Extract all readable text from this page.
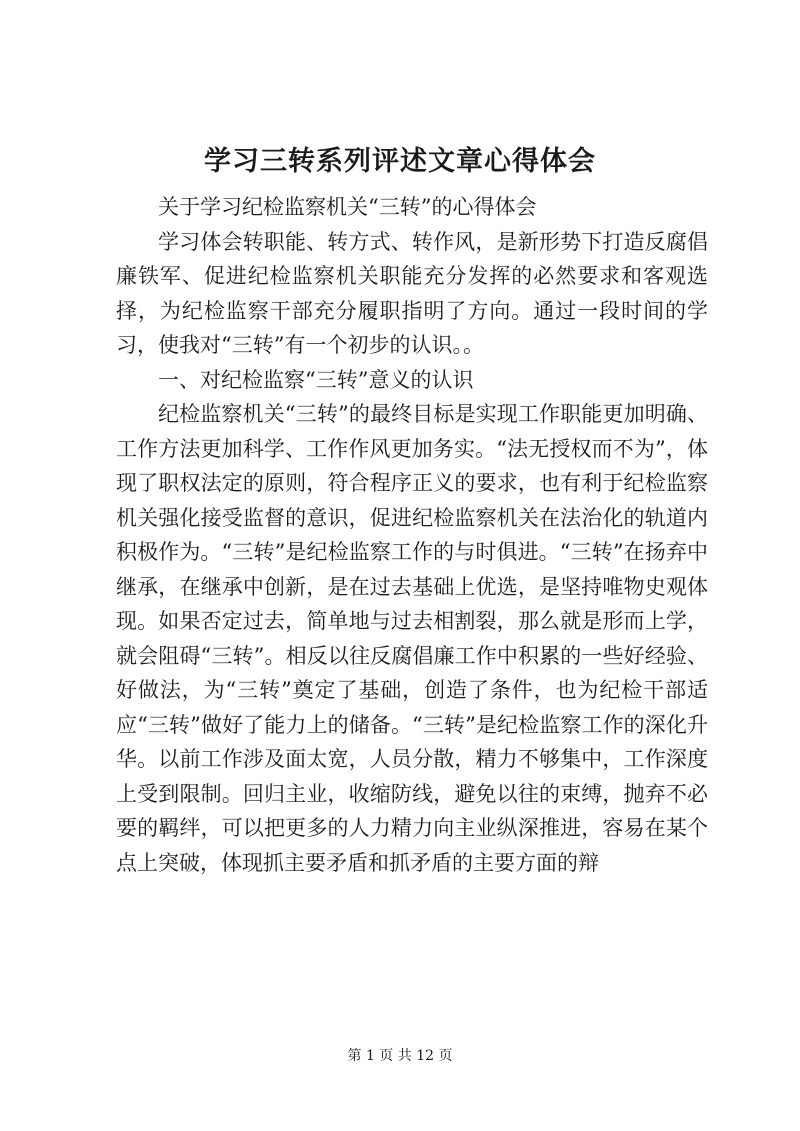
学习三转系列评述文章心得体会

关于学习纪检监察机关“三转”的心得体会

学习体会转职能、转方式、转作风，是新形势下打造反腐倡廉铁军、促进纪检监察机关职能充分发挥的必然要求和客观选择，为纪检监察干部充分履职指明了方向。通过一段时间的学习，使我对“三转”有一个初步的认识。。

一、对纪检监察“三转”意义的认识

纪检监察机关“三转”的最终目标是实现工作职能更加明确、工作方法更加科学、工作作风更加务实。“法无授权而不为”，体现了职权法定的原则，符合程序正义的要求，也有利于纪检监察机关强化接受监督的意识，促进纪检监察机关在法治化的轨道内积极作为。“三转”是纪检监察工作的与时俱进。“三转”在扬弃中继承，在继承中创新，是在过去基础上优选，是坚持唯物史观体现。如果否定过去，简单地与过去相割裂，那么就是形而上学，就会阻碍“三转”。相反以往反腐倡廉工作中积累的一些好经验、好做法，为“三转”奠定了基础，创造了条件，也为纪检干部适应“三转”做好了能力上的储备。“三转”是纪检监察工作的深化升华。以前工作涉及面太宽，人员分散，精力不够集中，工作深度上受到限制。回归主业，收缩防线，避免以往的束缚，抛弃不必要的羁绊，可以把更多的人力精力向主业纵深推进，容易在某个点上突破，体现抓主要矛盾和抓矛盾的主要方面的辩

第 1 页 共 12 页
